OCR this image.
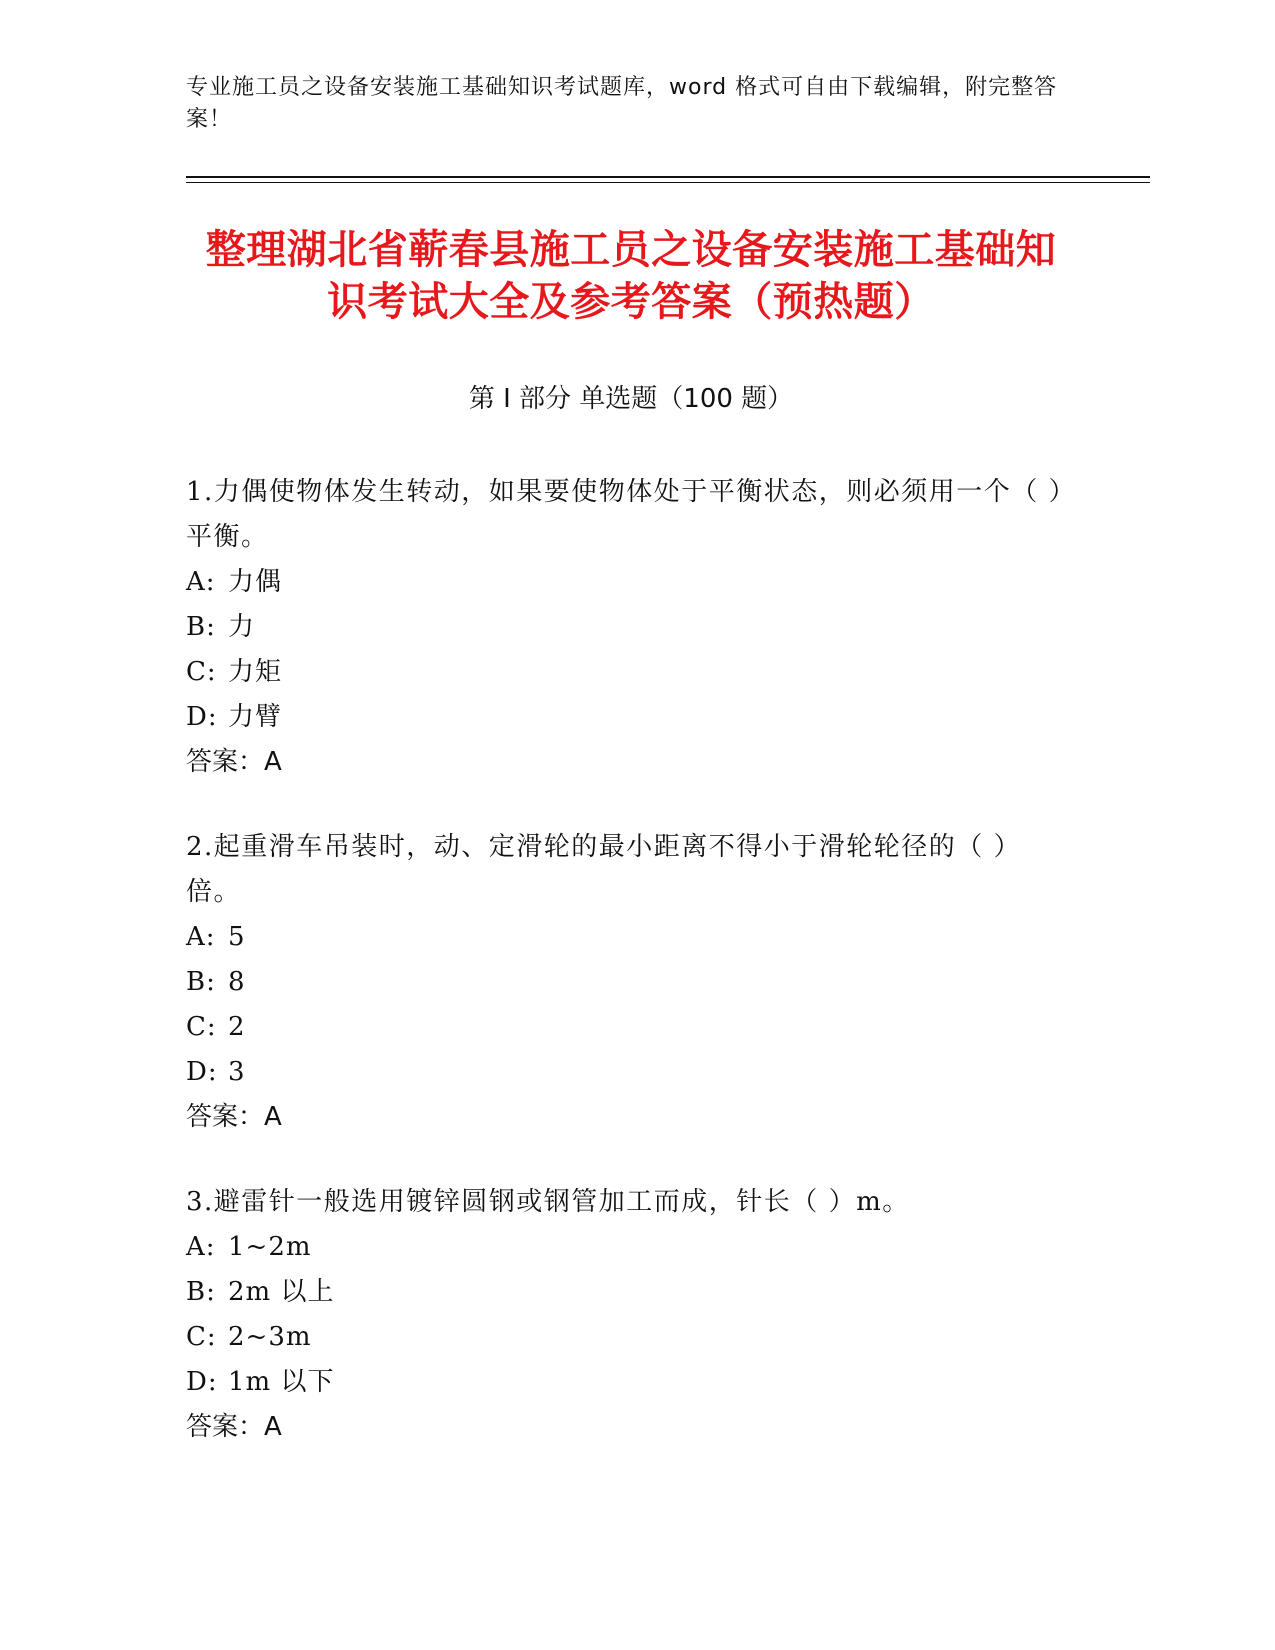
专业施工员之设备安装施工基础知识考试题库，word 格式可自由下载编辑，附完整答案！
整理湖北省蕲春县施工员之设备安装施工基础知识考试大全及参考答案（预热题）
第 I 部分 单选题（100 题）
1.力偶使物体发生转动，如果要使物体处于平衡状态，则必须用一个（ ）平衡。
A: 力偶
B: 力
C: 力矩
D: 力臂
答案：A
2.起重滑车吊装时，动、定滑轮的最小距离不得小于滑轮轮径的（ ）倍。
A: 5
B: 8
C: 2
D: 3
答案：A
3.避雷针一般选用镀锌圆钢或钢管加工而成，针长（ ）m。
A: 1~2m
B: 2m 以上
C: 2~3m
D: 1m 以下
答案：A
